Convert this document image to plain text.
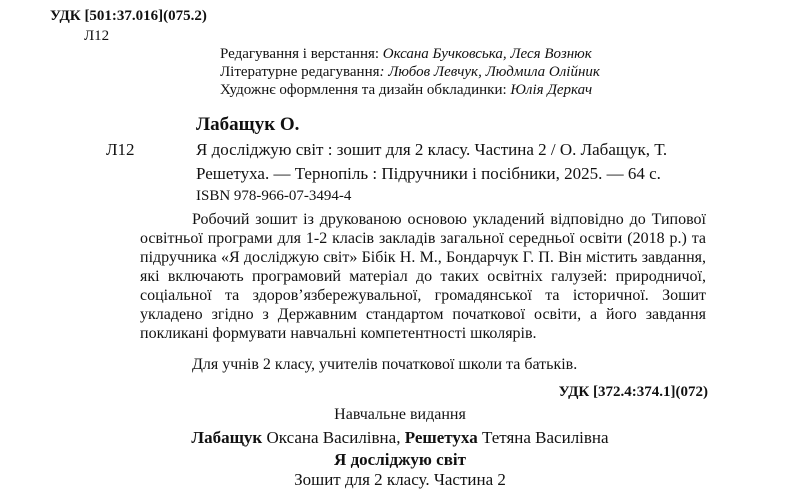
УДК [501:37.016](075.2)
Л12
Редагування і верстання: Оксана Бучковська, Леся Вознюк
Літературне редагування: Любов Левчук, Людмила Олійник
Художнє оформлення та дизайн обкладинки: Юлія Деркач
Лабащук О.
Л12	Я досліджую світ : зошит для 2 класу. Частина 2 / О. Лабащук, Т. Решетуха. — Тернопіль : Підручники і посібники, 2025. — 64 с.
ISBN 978-966-07-3494-4
Робочий зошит із друкованою основою укладений відповідно до Типової освітньої програми для 1-2 класів закладів загальної середньої освіти (2018 р.) та підручника «Я досліджую світ» Бібік Н. М., Бондарчук Г. П. Він містить завдання, які включають програмовий матеріал до таких освітніх галузей: природничої, соціальної та здоров’язбережувальної, громадянської та історичної. Зошит укладено згідно з Державним стандартом початкової освіти, а його завдання покликані формувати навчальні компетентності школярів.
Для учнів 2 класу, учителів початкової школи та батьків.
УДК [372.4:374.1](072)
Навчальне видання
Лабащук Оксана Василівна, Решетуха Тетяна Василівна
Я досліджую світ
Зошит для 2 класу. Частина 2
